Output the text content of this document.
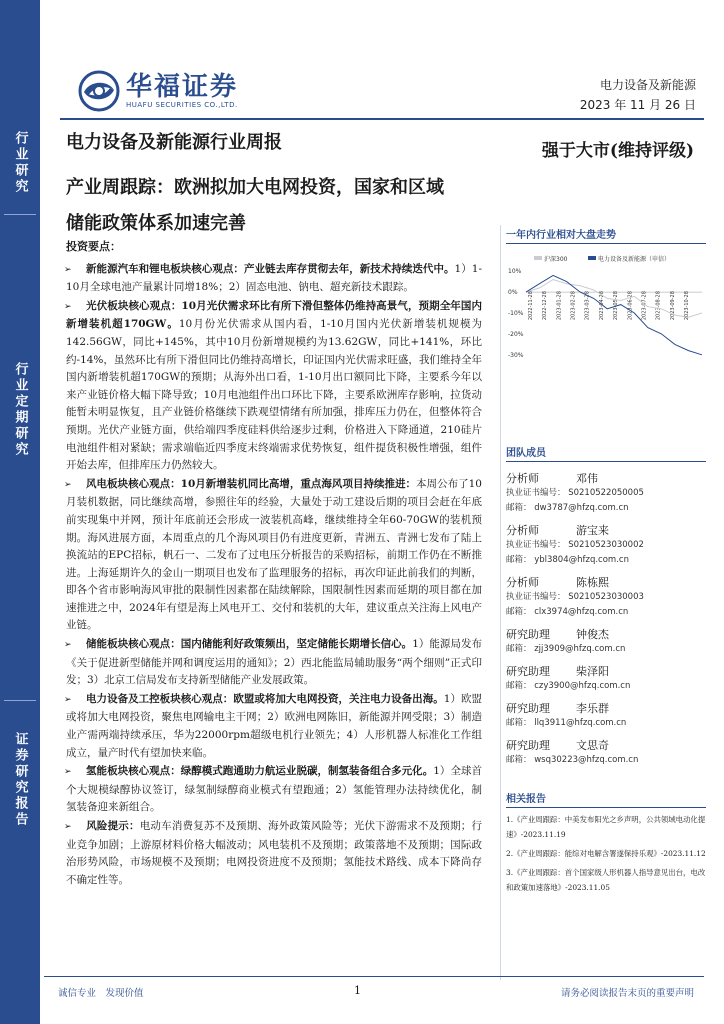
行业研究
行业定期研究
证券研究报告
华福证券
HUAFU SECURITIES CO.,LTD.
电力设备及新能源
2023 年 11 月 26 日
电力设备及新能源行业周报	强于大市(维持评级)
产业周跟踪：欧洲拟加大电网投资，国家和区域
储能政策体系加速完善
投资要点：
➢ 新能源汽车和锂电板块核心观点：产业链去库存贯彻去年，新技术持续迭代中。1）1-10月全球电池产量累计同增18%；2）固态电池、钠电、超充新技术跟踪。
➢ 光伏板块核心观点：10月光伏需求环比有所下滑但整体仍维持高景气，预期全年国内新增装机超170GW。10月份光伏需求从国内看，1-10月国内光伏新增装机规模为142.56GW，同比+145%，其中10月份新增规模约为13.62GW，同比+141%，环比约-14%，虽然环比有所下滑但同比仍维持高增长，印证国内光伏需求旺盛，我们维持全年国内新增装机超170GW的预期；从海外出口看，1-10月出口额同比下降，主要系今年以来产业链价格大幅下降导致；10月电池组件出口环比下降，主要系欧洲库存影响，拉货动能暂未明显恢复，且产业链价格继续下跌观望情绪有所加强，排库压力仍在，但整体符合预期。光伏产业链方面，供给端四季度硅料供给逐步过剩，价格进入下降通道，210硅片电池组件相对紧缺；需求端临近四季度末终端需求优势恢复，组件提货积极性增强，组件开始去库，但排库压力仍然较大。
➢ 风电板块核心观点：10月新增装机同比高增，重点海风项目持续推进：本周公布了10月装机数据，同比继续高增，参照往年的经验，大量处于动工建设后期的项目会赶在年底前实现集中并网，预计年底前还会形成一波装机高峰，继续维持全年60-70GW的装机预期。海风进展方面，本周重点的几个海风项目仍有进度更新，青洲五、青洲七发布了陆上换流站的EPC招标，帆石一、二发布了过电压分析报告的采购招标，前期工作仍在不断推进。上海延期许久的金山一期项目也发布了监理服务的招标，再次印证此前我们的判断，即各个省市影响海风审批的限制性因素都在陆续解除，国限制性因素而延期的项目都在加速推进之中，2024年有望是海上风电开工、交付和装机的大年，建议重点关注海上风电产业链。
➢ 储能板块核心观点：国内储能利好政策频出，坚定储能长期增长信心。1）能源局发布《关于促进新型储能并网和调度运用的通知》；2）西北能监局辅助服务“两个细则”正式印发；3）北京工信局发布支持新型储能产业发展政策。
➢ 电力设备及工控板块核心观点：欧盟或将加大电网投资，关注电力设备出海。1）欧盟或将加大电网投资，聚焦电网输电主干网；2）欧洲电网陈旧，新能源并网受限；3）制造业产需两端持续承压，华为22000rpm超级电机行业领先；4）人形机器人标准化工作组成立，量产时代有望加快来临。
➢ 氢能板块核心观点：绿醇模式跑通助力航运业脱碳，制氢装备组合多元化。1）全球首个大规模绿醇协议签订，绿氢制绿醇商业模式有望跑通；2）氢能管理办法持续优化，制氢装备迎来新组合。
➢ 风险提示：电动车消费复苏不及预期、海外政策风险等；光伏下游需求不及预期；行业竞争加剧；上游原材料价格大幅波动；风电装机不及预期；政策落地不及预期；国际政治形势风险，市场规模不及预期；电网投资进度不及预期；氢能技术路线、成本下降尚存不确定性等。
一年内行业相对大盘走势
沪深300	电力设备及新能源（申信）
10%
0%
-10%
-20%
-30%
2022-11-28 2022-12-28 2023-01-28 2023-02-28 2023-03-28 2023-04-28 2023-05-28 2023-06-28 2023-07-28 2023-08-28 2023-09-28 2023-10-28
团队成员
分析师	邓伟
执业证书编号： S0210522050005
邮箱： dw3787@hfzq.com.cn
分析师	游宝来
执业证书编号： S0210523030002
邮箱： ybl3804@hfzq.com.cn
分析师	陈栋熙
执业证书编号： S0210523030003
邮箱： clx3974@hfzq.com.cn
研究助理	钟俊杰
邮箱： zjj3909@hfzq.com.cn
研究助理	柴泽阳
邮箱： czy3900@hfzq.com.cn
研究助理	李乐群
邮箱： llq3911@hfzq.com.cn
研究助理	文思奇
邮箱： wsq30223@hfzq.com.cn
相关报告
1.《产业周跟踪：中美发布阳光之乡声明，公共领域电动化提速》-2023.11.19
2.《产业周跟踪：能综对电解含署遂保持乐观》-2023.11.12
3.《产业周跟踪：首个国家级人形机器人指导意见出台，电改和政策加速落地》-2023.11.05
诚信专业　发现价值	1	请务必阅读报告末页的重要声明
